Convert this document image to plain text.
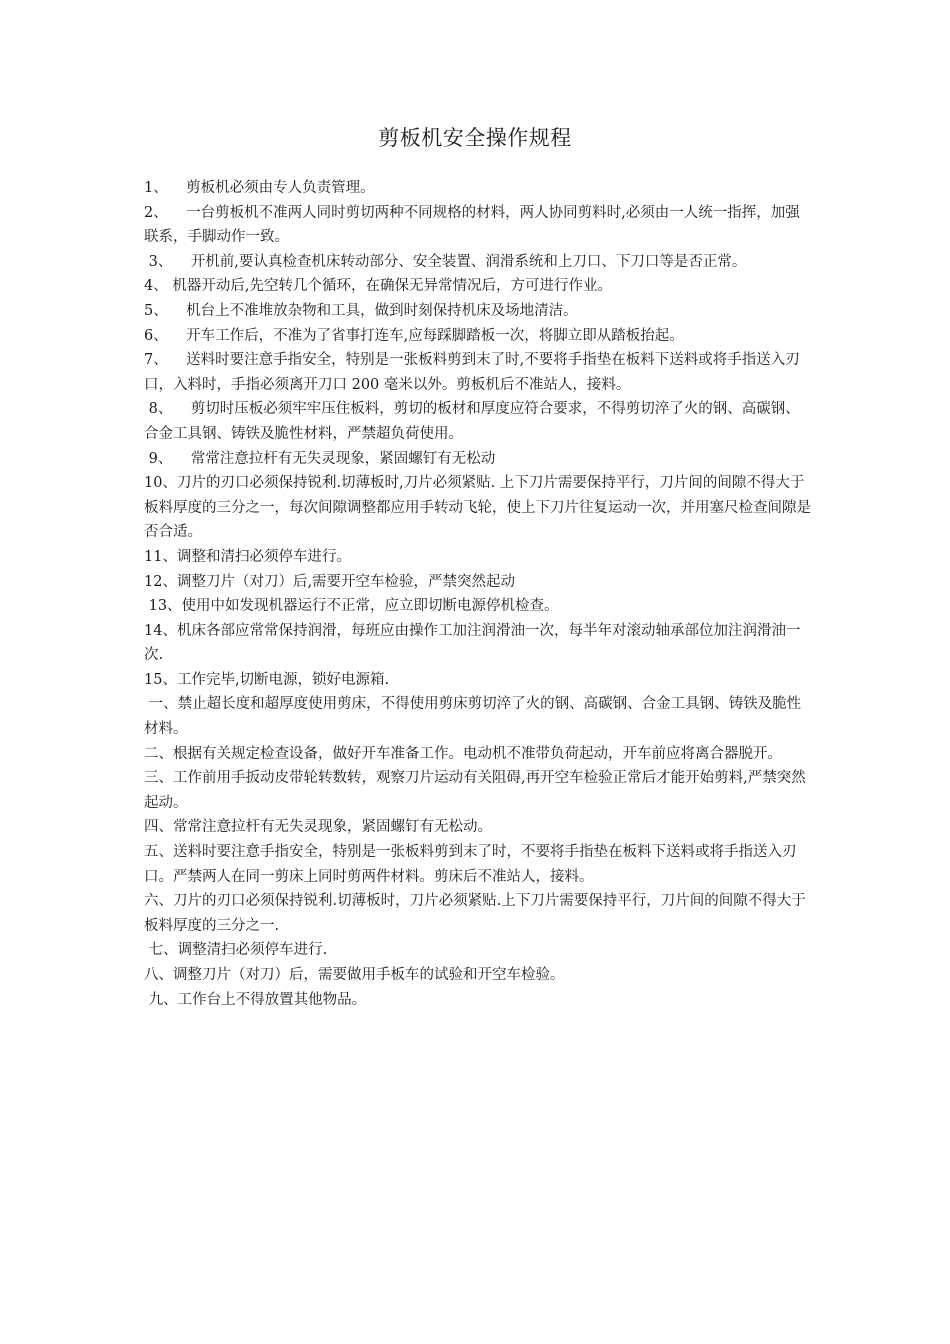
剪板机安全操作规程

1、    剪板机必须由专人负责管理。

2、    一台剪板机不准两人同时剪切两种不同规格的材料，两人协同剪料时,必须由一人统一指挥，加强联系，手脚动作一致。

3、    开机前,要认真检查机床转动部分、安全装置、润滑系统和上刀口、下刀口等是否正常。

4、 机器开动后,先空转几个循环，在确保无异常情况后，方可进行作业。

5、    机台上不准堆放杂物和工具，做到时刻保持机床及场地清洁。

6、    开车工作后，不准为了省事打连车,应每踩脚踏板一次，将脚立即从踏板抬起。

7、    送料时要注意手指安全，特别是一张板料剪到末了时,不要将手指垫在板料下送料或将手指送入刃口，入料时，手指必须离开刀口 200 毫米以外。剪板机后不准站人，接料。

8、    剪切时压板必须牢牢压住板料，剪切的板材和厚度应符合要求，不得剪切淬了火的钢、高碳钢、合金工具钢、铸铁及脆性材料，严禁超负荷使用。

9、    常常注意拉杆有无失灵现象，紧固螺钉有无松动

10、刀片的刃口必须保持锐利.切薄板时,刀片必须紧贴. 上下刀片需要保持平行，刀片间的间隙不得大于板料厚度的三分之一，每次间隙调整都应用手转动飞轮，使上下刀片往复运动一次，并用塞尺检查间隙是否合适。

11、调整和清扫必须停车进行。

12、调整刀片（对刀）后,需要开空车检验，严禁突然起动

13、使用中如发现机器运行不正常，应立即切断电源停机检查。

14、机床各部应常常保持润滑，每班应由操作工加注润滑油一次，每半年对滚动轴承部位加注润滑油一次.

15、工作完毕,切断电源，锁好电源箱.

一、禁止超长度和超厚度使用剪床，不得使用剪床剪切淬了火的钢、高碳钢、合金工具钢、铸铁及脆性材料。

二、根据有关规定检查设备，做好开车准备工作。电动机不准带负荷起动，开车前应将离合器脱开。

三、工作前用手扳动皮带轮转数转，观察刀片运动有关阻碍,再开空车检验正常后才能开始剪料,严禁突然起动。

四、常常注意拉杆有无失灵现象，紧固螺钉有无松动。

五、送料时要注意手指安全，特别是一张板料剪到末了时，不要将手指垫在板料下送料或将手指送入刃口。严禁两人在同一剪床上同时剪两件材料。剪床后不准站人，接料。

六、刀片的刃口必须保持锐利.切薄板时，刀片必须紧贴.上下刀片需要保持平行，刀片间的间隙不得大于板料厚度的三分之一.

七、调整清扫必须停车进行.

八、调整刀片（对刀）后，需要做用手板车的试验和开空车检验。

九、工作台上不得放置其他物品。
